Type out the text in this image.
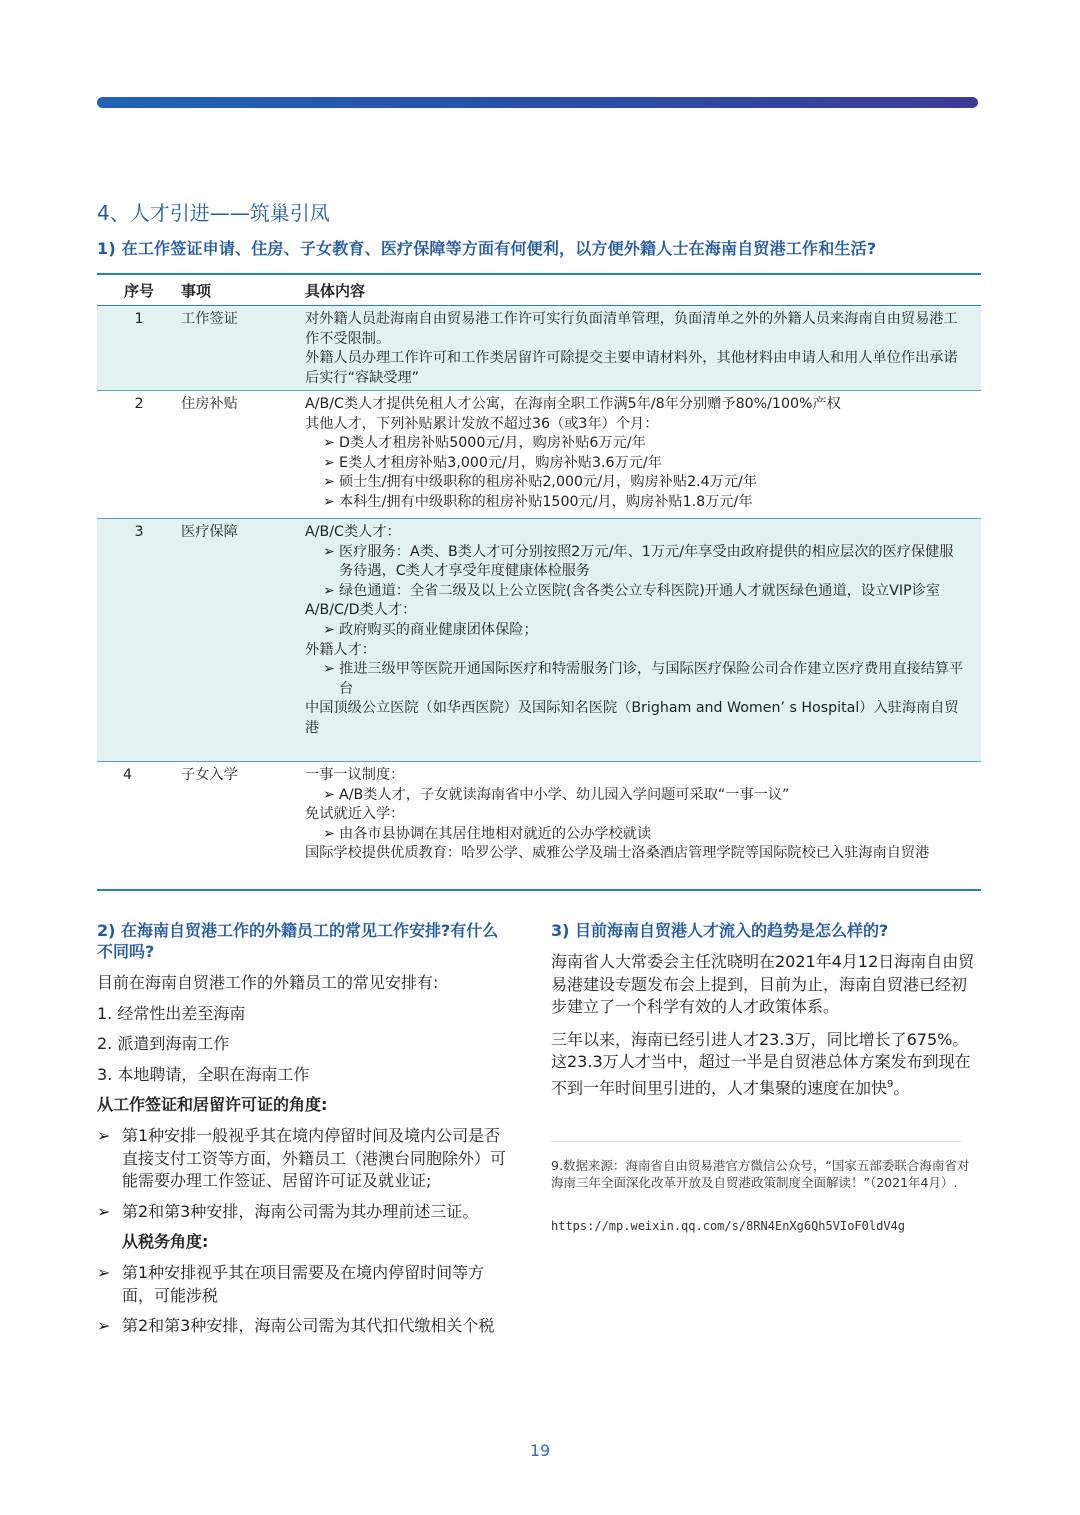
4、人才引进——筑巢引凤
1) 在工作签证申请、住房、子女教育、医疗保障等方面有何便利，以方便外籍人士在海南自贸港工作和生活?
序号	事项	具体内容
1	工作签证	对外籍人员赴海南自由贸易港工作许可实行负面清单管理，负面清单之外的外籍人员来海南自由贸易港工作不受限制。
外籍人员办理工作许可和工作类居留许可除提交主要申请材料外，其他材料由申请人和用人单位作出承诺后实行“容缺受理”
2	住房补贴	A/B/C类人才提供免租人才公寓，在海南全职工作满5年/8年分别赠予80%/100%产权
其他人才，下列补贴累计发放不超过36（或3年）个月：
➢ D类人才租房补贴5000元/月，购房补贴6万元/年
➢ E类人才租房补贴3,000元/月，购房补贴3.6万元/年
➢ 硕士生/拥有中级职称的租房补贴2,000元/月，购房补贴2.4万元/年
➢ 本科生/拥有中级职称的租房补贴1500元/月，购房补贴1.8万元/年
3	医疗保障	A/B/C类人才：
➢ 医疗服务：A类、B类人才可分别按照2万元/年、1万元/年享受由政府提供的相应层次的医疗保健服务待遇，C类人才享受年度健康体检服务
➢ 绿色通道：全省二级及以上公立医院(含各类公立专科医院)开通人才就医绿色通道，设立VIP诊室
A/B/C/D类人才：
➢ 政府购买的商业健康团体保险；
外籍人才：
➢ 推进三级甲等医院开通国际医疗和特需服务门诊，与国际医疗保险公司合作建立医疗费用直接结算平台
中国顶级公立医院（如华西医院）及国际知名医院（Brigham and Women’ s Hospital）入驻海南自贸港
4	子女入学	一事一议制度：
➢ A/B类人才，子女就读海南省中小学、幼儿园入学问题可采取“一事一议”
免试就近入学：
➢ 由各市县协调在其居住地相对就近的公办学校就读
国际学校提供优质教育：哈罗公学、威雅公学及瑞士洛桑酒店管理学院等国际院校已入驻海南自贸港
2) 在海南自贸港工作的外籍员工的常见工作安排?有什么不同吗?

目前在海南自贸港工作的外籍员工的常见安排有:

1. 经常性出差至海南

2. 派遣到海南工作

3. 本地聘请，全职在海南工作

从工作签证和居留许可证的角度:

➢ 第1种安排一般视乎其在境内停留时间及境内公司是否直接支付工资等方面，外籍员工（港澳台同胞除外）可能需要办理工作签证、居留许可证及就业证;
➢ 第2和第3种安排，海南公司需为其办理前述三证。

从税务角度:

➢ 第1种安排视乎其在项目需要及在境内停留时间等方面，可能涉税
➢ 第2和第3种安排，海南公司需为其代扣代缴相关个税
3) 目前海南自贸港人才流入的趋势是怎么样的?

海南省人大常委会主任沈晓明在2021年4月12日海南自由贸易港建设专题发布会上提到，目前为止，海南自贸港已经初步建立了一个科学有效的人才政策体系。

三年以来，海南已经引进人才23.3万，同比增长了675%。这23.3万人才当中，超过一半是自贸港总体方案发布到现在不到一年时间里引进的，人才集聚的速度在加快$^9$。

9.数据来源：海南省自由贸易港官方微信公众号，“国家五部委联合海南省对海南三年全面深化改革开放及自贸港政策制度全面解读！”（2021年4月）.
https://mp.weixin.qq.com/s/8RN4EnXg6Qh5VIoF0ldV4g
19
